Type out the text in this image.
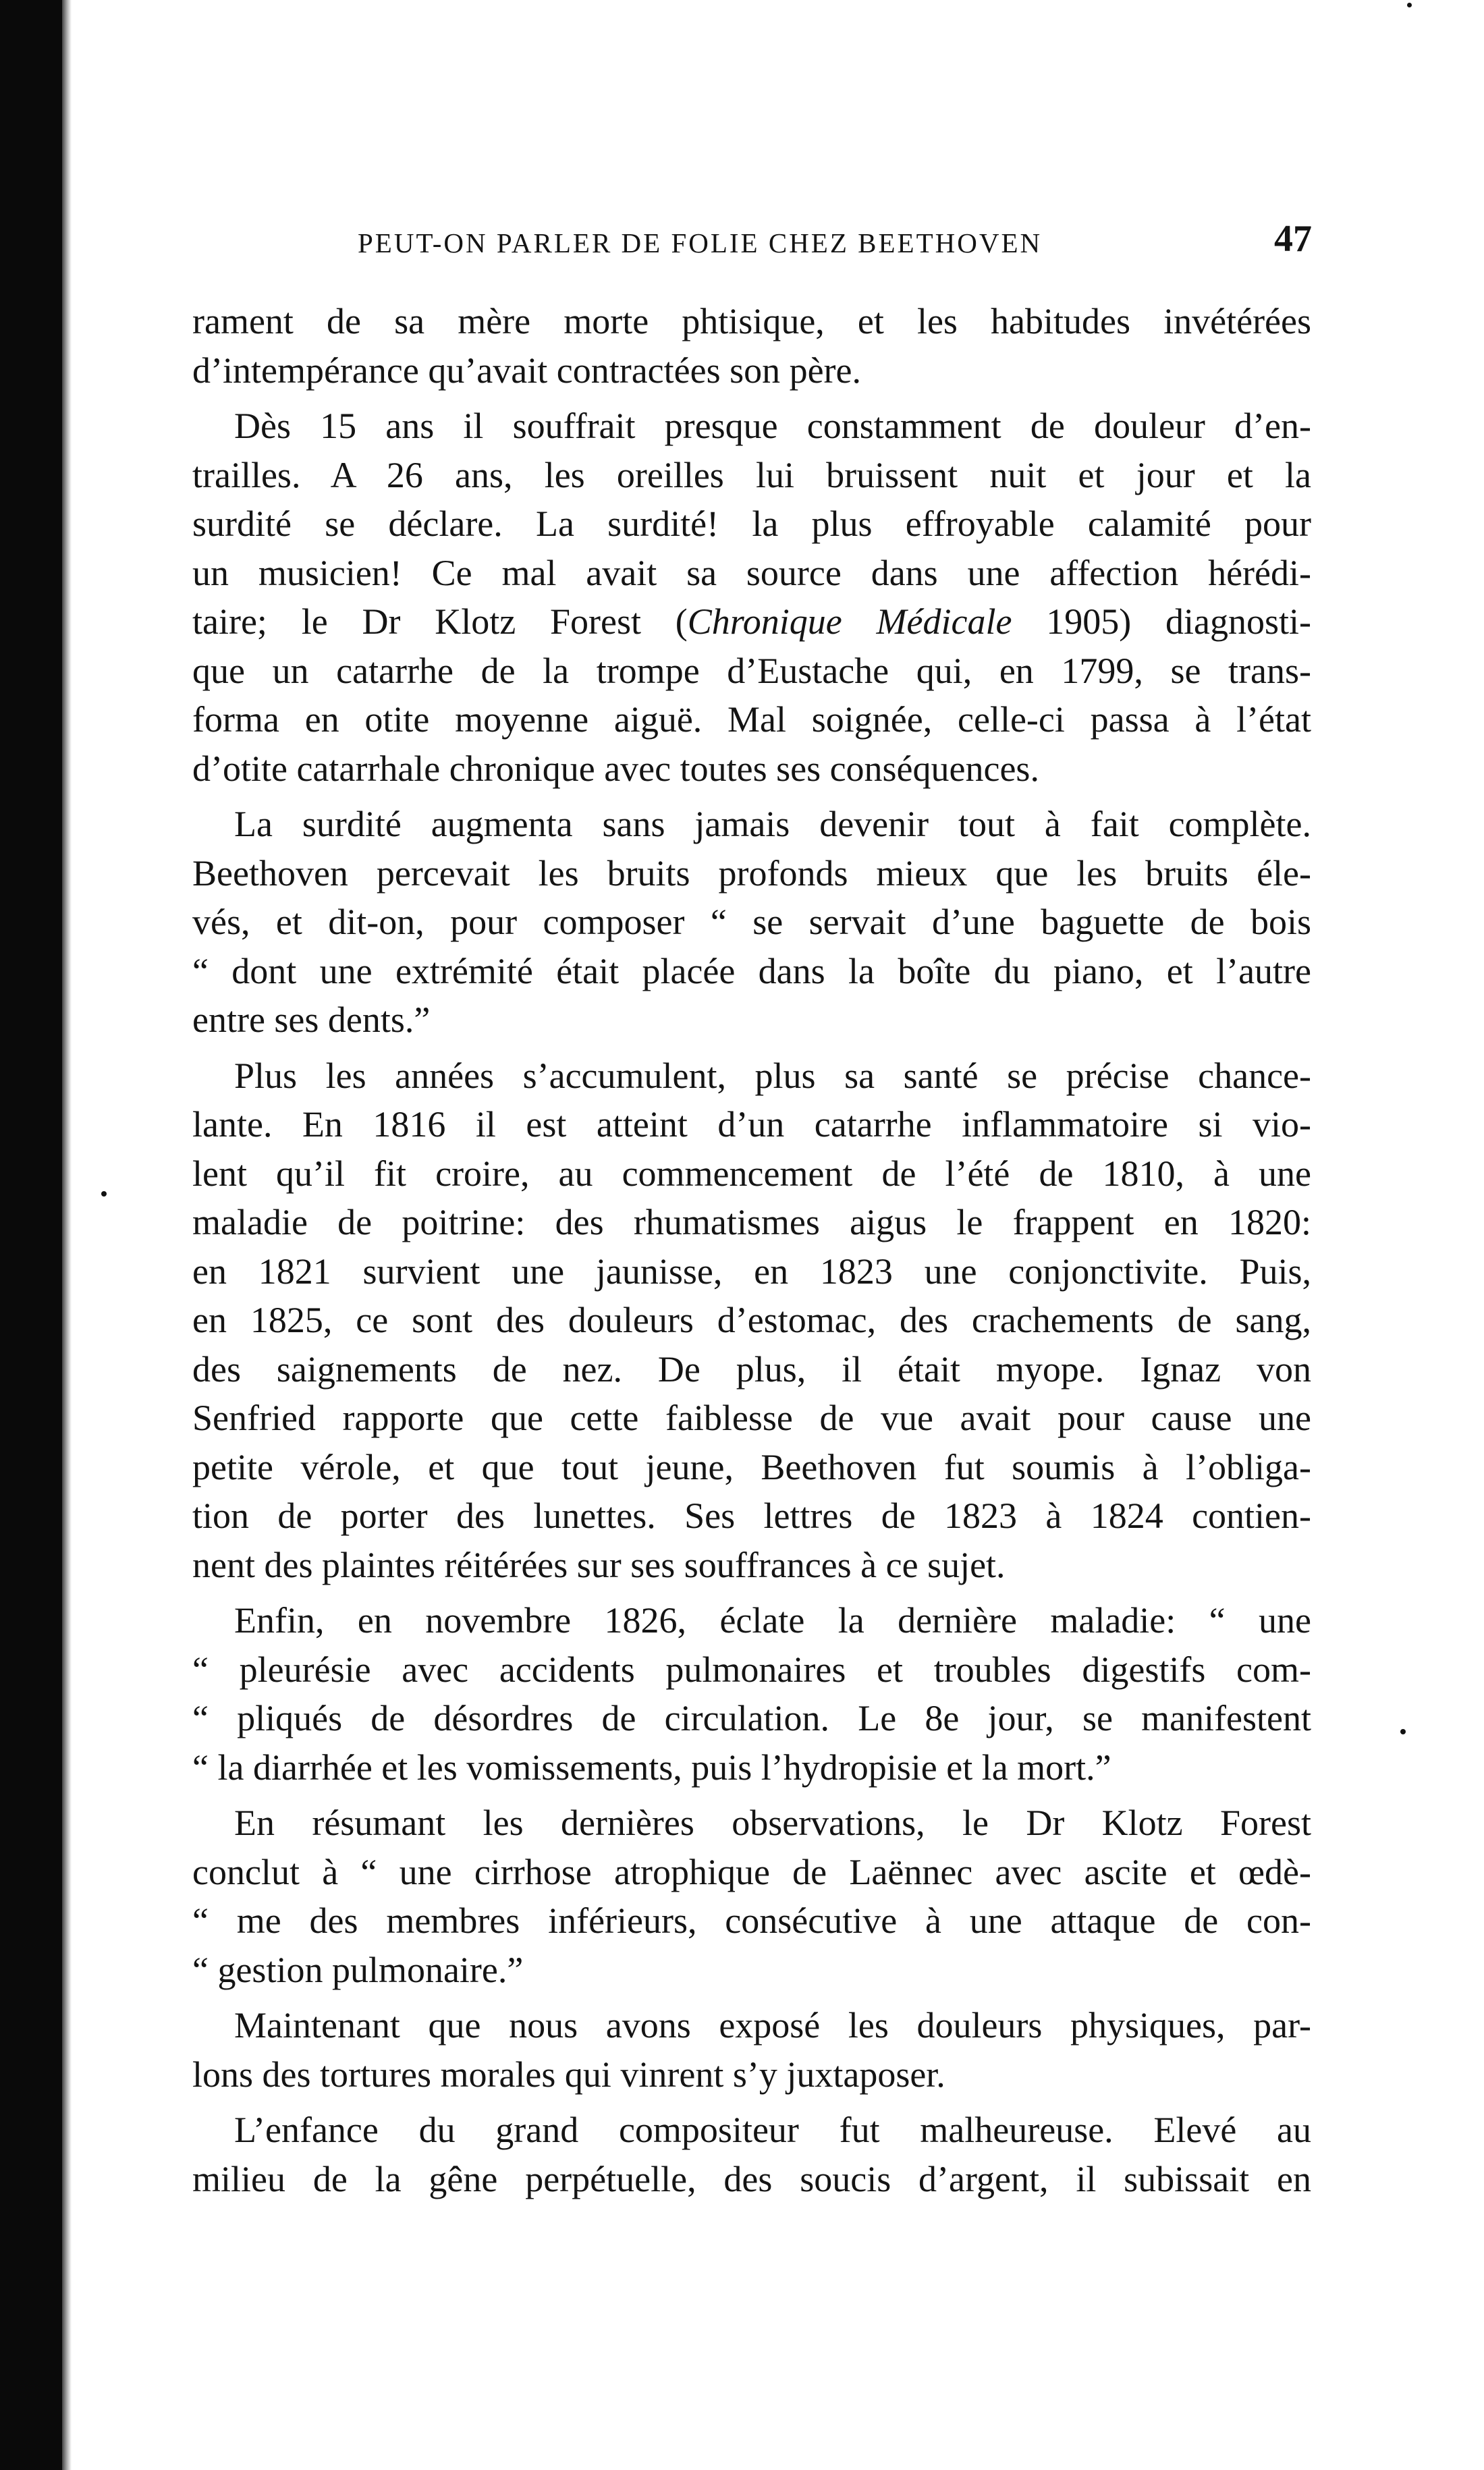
PEUT-ON PARLER DE FOLIE CHEZ BEETHOVEN	47
rament de sa mère morte phtisique, et les habitudes invétérées
d’intempérance qu’avait contractées son père.
Dès 15 ans il souffrait presque constamment de douleur d’en-
trailles. A 26 ans, les oreilles lui bruissent nuit et jour et la
surdité se déclare. La surdité! la plus effroyable calamité pour
un musicien! Ce mal avait sa source dans une affection hérédi-
taire; le Dr Klotz Forest (Chronique Médicale 1905) diagnosti-
que un catarrhe de la trompe d’Eustache qui, en 1799, se trans-
forma en otite moyenne aiguë. Mal soignée, celle-ci passa à l’état
d’otite catarrhale chronique avec toutes ses conséquences.
La surdité augmenta sans jamais devenir tout à fait complète.
Beethoven percevait les bruits profonds mieux que les bruits éle-
vés, et dit-on, pour composer “ se servait d’une baguette de bois
“ dont une extrémité était placée dans la boîte du piano, et l’autre
entre ses dents.”
Plus les années s’accumulent, plus sa santé se précise chance-
lante. En 1816 il est atteint d’un catarrhe inflammatoire si vio-
lent qu’il fit croire, au commencement de l’été de 1810, à une
maladie de poitrine: des rhumatismes aigus le frappent en 1820:
en 1821 survient une jaunisse, en 1823 une conjonctivite. Puis,
en 1825, ce sont des douleurs d’estomac, des crachements de sang,
des saignements de nez. De plus, il était myope. Ignaz von
Senfried rapporte que cette faiblesse de vue avait pour cause une
petite vérole, et que tout jeune, Beethoven fut soumis à l’obliga-
tion de porter des lunettes. Ses lettres de 1823 à 1824 contien-
nent des plaintes réitérées sur ses souffrances à ce sujet.
Enfin, en novembre 1826, éclate la dernière maladie: “ une
“ pleurésie avec accidents pulmonaires et troubles digestifs com-
“ pliqués de désordres de circulation. Le 8e jour, se manifestent
“ la diarrhée et les vomissements, puis l’hydropisie et la mort.”
En résumant les dernières observations, le Dr Klotz Forest
conclut à “ une cirrhose atrophique de Laënnec avec ascite et œdè-
“ me des membres inférieurs, consécutive à une attaque de con-
“ gestion pulmonaire.”
Maintenant que nous avons exposé les douleurs physiques, par-
lons des tortures morales qui vinrent s’y juxtaposer.
L’enfance du grand compositeur fut malheureuse. Elevé au
milieu de la gêne perpétuelle, des soucis d’argent, il subissait en
